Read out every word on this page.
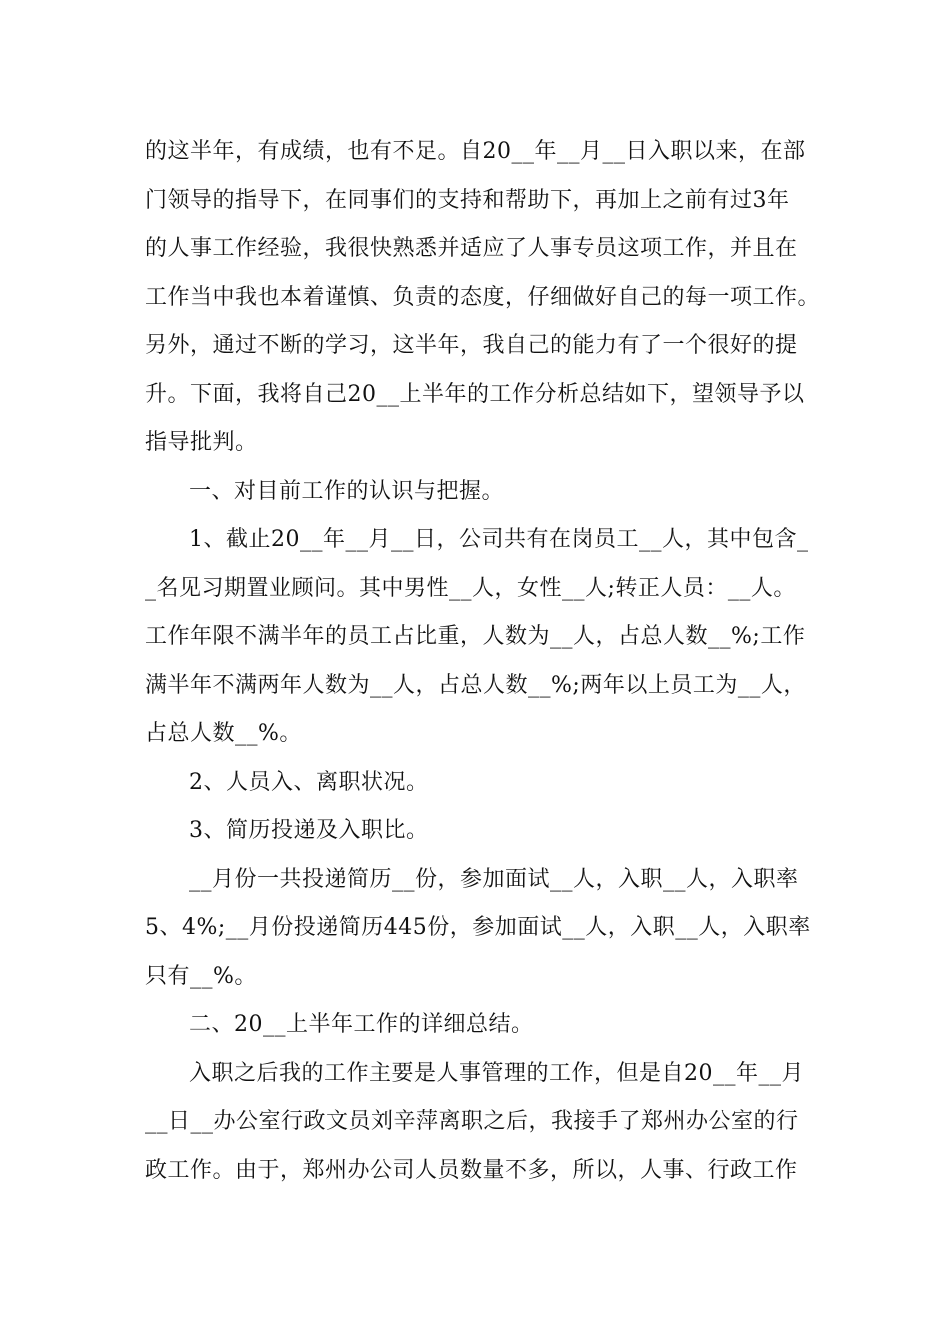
的这半年，有成绩，也有不足。自20__年__月__日入职以来，在部
门领导的指导下，在同事们的支持和帮助下，再加上之前有过3年
的人事工作经验，我很快熟悉并适应了人事专员这项工作，并且在
工作当中我也本着谨慎、负责的态度，仔细做好自己的每一项工作。
另外，通过不断的学习，这半年，我自己的能力有了一个很好的提
升。下面，我将自己20__上半年的工作分析总结如下，望领导予以
指导批判。
一、对目前工作的认识与把握。
1、截止20__年__月__日，公司共有在岗员工__人，其中包含_
_名见习期置业顾问。其中男性__人，女性__人;转正人员：__人。
工作年限不满半年的员工占比重，人数为__人，占总人数__%;工作
满半年不满两年人数为__人，占总人数__%;两年以上员工为__人，
占总人数__%。
2、人员入、离职状况。
3、简历投递及入职比。
__月份一共投递简历__份，参加面试__人，入职__人，入职率
5、4%;__月份投递简历445份，参加面试__人，入职__人，入职率
只有__%。
二、20__上半年工作的详细总结。
入职之后我的工作主要是人事管理的工作，但是自20__年__月
__日__办公室行政文员刘辛萍离职之后，我接手了郑州办公室的行
政工作。由于，郑州办公司人员数量不多，所以，人事、行政工作
